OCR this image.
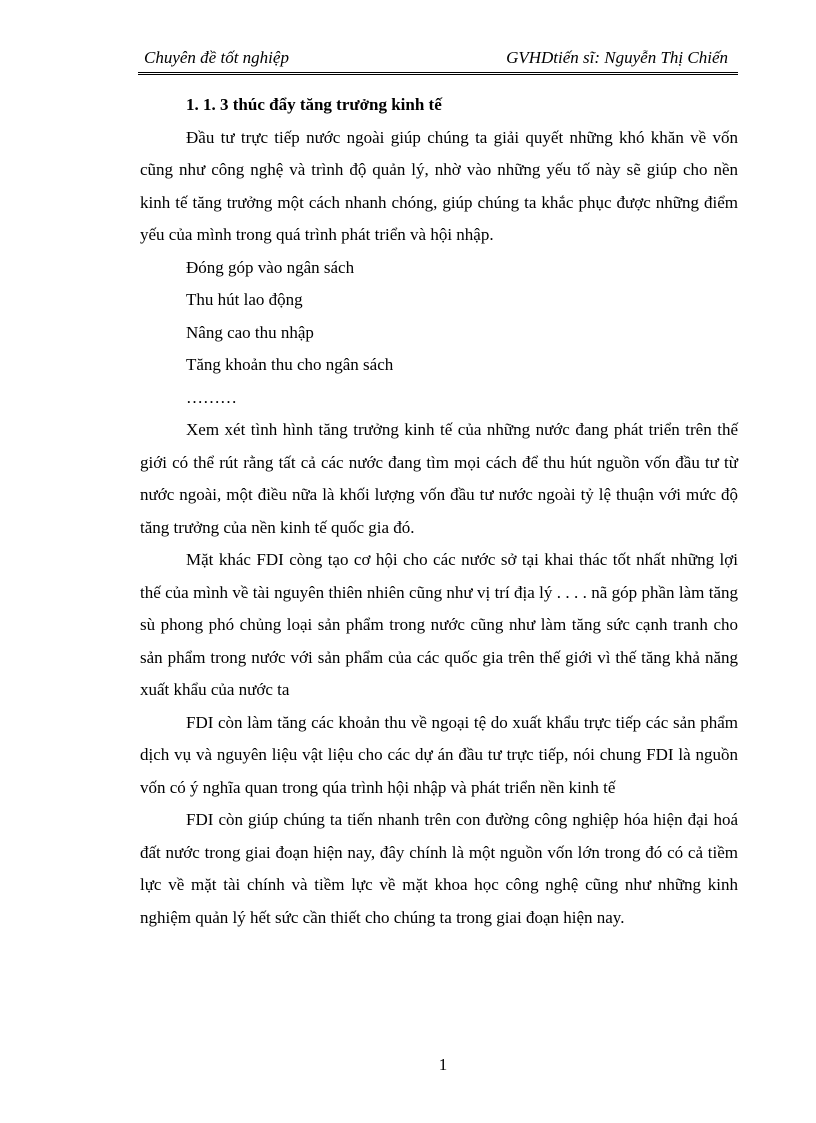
Chuyên đề tốt nghiệp	GVHDtiến sĩ: Nguyễn Thị Chiến

1. 1. 3 thúc đẩy tăng trưởng kinh tế

Đầu tư trực tiếp nước ngoài giúp chúng ta giải quyết những khó khăn về vốn cũng như công nghệ và trình độ quản lý, nhờ vào những yếu tố này sẽ giúp cho nền kinh tế tăng trưởng một cách nhanh chóng, giúp chúng ta khắc phục được những điểm yếu của mình trong quá trình phát triển và hội nhập.

Đóng góp vào ngân sách

Thu hút lao động

Nâng cao thu nhập

Tăng khoản thu cho ngân sách

………

Xem xét tình hình tăng trưởng kinh tế của những nước đang phát triển trên thế giới có thể rút rằng tất cả các nước đang tìm mọi cách để thu hút nguồn vốn đầu tư từ nước ngoài, một điều nữa là khối lượng vốn đầu tư nước ngoài tỷ lệ thuận với mức độ tăng trưởng của nền kinh tế quốc gia đó.

Mặt khác FDI còng tạo cơ hội cho các nước sở tại khai thác tốt nhất những lợi thế của mình về tài nguyên thiên nhiên cũng như vị trí địa lý . . . . nã góp phần làm tăng sù phong phó chủng loại sản phẩm trong nước cũng như làm tăng sức cạnh tranh cho sản phẩm trong nước với sản phẩm của các quốc gia trên thế giới vì thế tăng khả năng xuất khẩu của nước ta

FDI còn làm tăng các khoản thu về ngoại tệ do xuất khẩu trực tiếp các sản phẩm dịch vụ và nguyên liệu vật liệu cho các dự án đầu tư trực tiếp, nói chung FDI là nguồn vốn có ý nghĩa quan trong qúa trình hội nhập và phát triển nền kinh tế

FDI còn giúp chúng ta tiến nhanh trên con đường công nghiệp hóa hiện đại hoá đất nước trong giai đoạn hiện nay, đây chính là một nguồn vốn lớn trong đó có cả tiềm lực về mặt tài chính và tiềm lực về mặt khoa học công nghệ cũng như những kinh nghiệm quản lý hết sức cần thiết cho chúng ta trong giai đoạn hiện nay.

1
